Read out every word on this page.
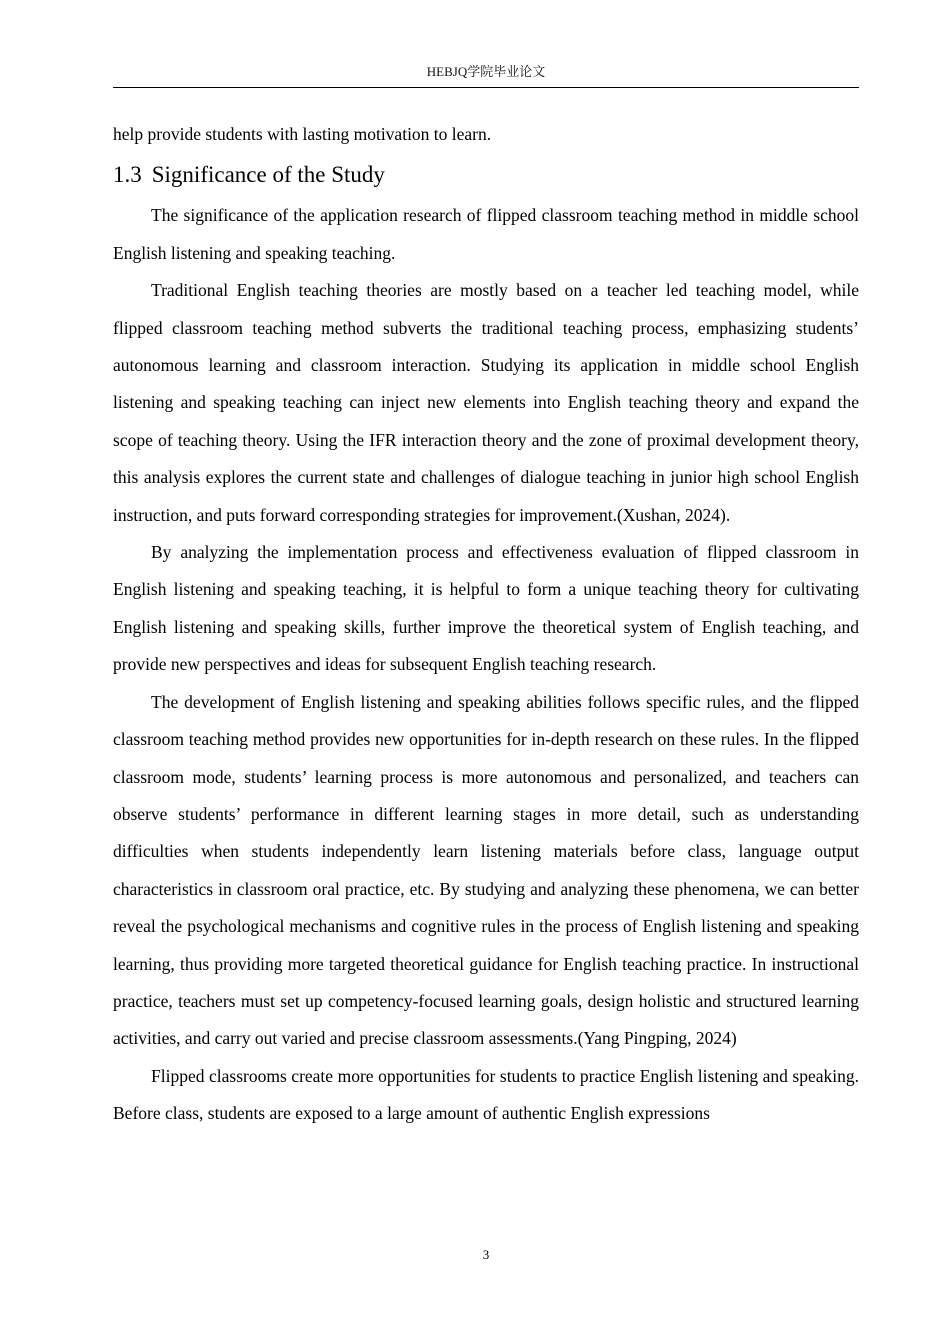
HEBJQ学院毕业论文

help provide students with lasting motivation to learn.

1.3 Significance of the Study

The significance of the application research of flipped classroom teaching method in middle school English listening and speaking teaching.

Traditional English teaching theories are mostly based on a teacher led teaching model, while flipped classroom teaching method subverts the traditional teaching process, emphasizing students’ autonomous learning and classroom interaction. Studying its application in middle school English listening and speaking teaching can inject new elements into English teaching theory and expand the scope of teaching theory. Using the IFR interaction theory and the zone of proximal development theory, this analysis explores the current state and challenges of dialogue teaching in junior high school English instruction, and puts forward corresponding strategies for improvement.(Xushan, 2024).

By analyzing the implementation process and effectiveness evaluation of flipped classroom in English listening and speaking teaching, it is helpful to form a unique teaching theory for cultivating English listening and speaking skills, further improve the theoretical system of English teaching, and provide new perspectives and ideas for subsequent English teaching research.

The development of English listening and speaking abilities follows specific rules, and the flipped classroom teaching method provides new opportunities for in-depth research on these rules. In the flipped classroom mode, students’ learning process is more autonomous and personalized, and teachers can observe students’ performance in different learning stages in more detail, such as understanding difficulties when students independently learn listening materials before class, language output characteristics in classroom oral practice, etc. By studying and analyzing these phenomena, we can better reveal the psychological mechanisms and cognitive rules in the process of English listening and speaking learning, thus providing more targeted theoretical guidance for English teaching practice. In instructional practice, teachers must set up competency-focused learning goals, design holistic and structured learning activities, and carry out varied and precise classroom assessments.(Yang Pingping, 2024)

Flipped classrooms create more opportunities for students to practice English listening and speaking. Before class, students are exposed to a large amount of authentic English expressions

3
